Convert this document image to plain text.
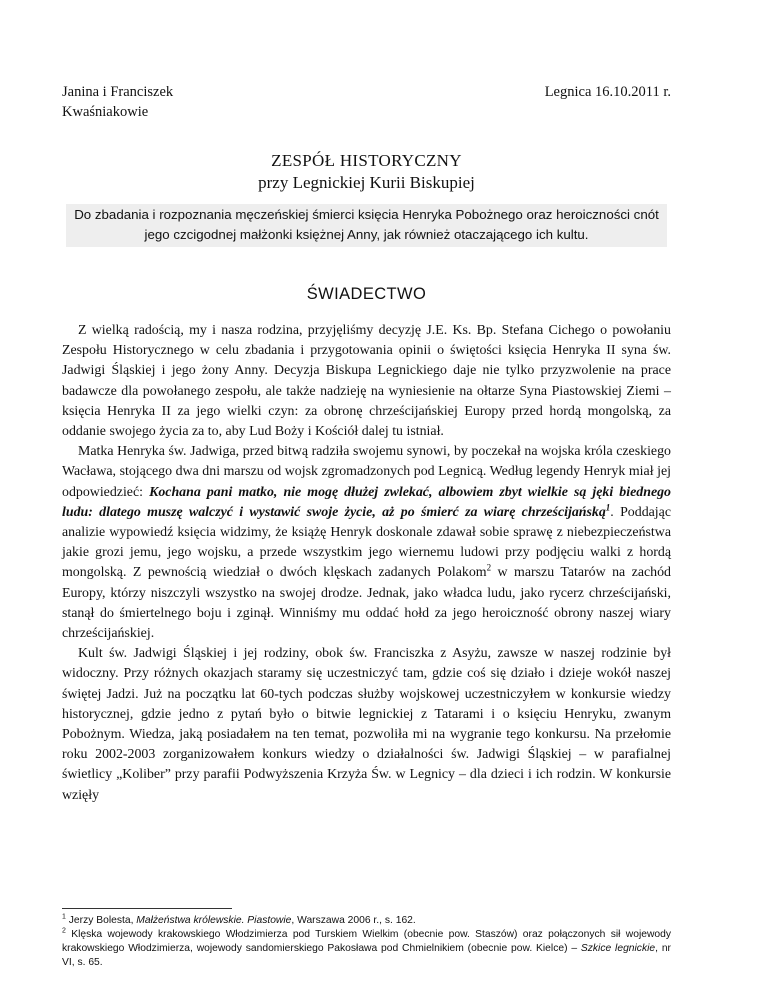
Janina i Franciszek
Kwaśniakowie
Legnica 16.10.2011 r.
ZESPÓŁ HISTORYCZNY
przy Legnickiej Kurii Biskupiej
Do zbadania i rozpoznania męczeńskiej śmierci księcia Henryka Pobożnego oraz heroiczności cnót jego czcigodnej małżonki księżnej Anny, jak również otaczającego ich kultu.
ŚWIADECTWO

Z wielką radością, my i nasza rodzina, przyjęliśmy decyzję J.E. Ks. Bp. Stefana Cichego o powołaniu Zespołu Historycznego w celu zbadania i przygotowania opinii o świętości księcia Henryka II syna św. Jadwigi Śląskiej i jego żony Anny. Decyzja Biskupa Legnickiego daje nie tylko przyzwolenie na prace badawcze dla powołanego zespołu, ale także nadzieję na wyniesienie na ołtarze Syna Piastowskiej Ziemi – księcia Henryka II za jego wielki czyn: za obronę chrześcijańskiej Europy przed hordą mongolską, za oddanie swojego życia za to, aby Lud Boży i Kościół dalej tu istniał.

Matka Henryka św. Jadwiga, przed bitwą radziła swojemu synowi, by poczekał na wojska króla czeskiego Wacława, stojącego dwa dni marszu od wojsk zgromadzonych pod Legnicą. Według legendy Henryk miał jej odpowiedzieć: Kochana pani matko, nie mogę dłużej zwlekać, albowiem zbyt wielkie są jęki biednego ludu: dlatego muszę walczyć i wystawić swoje życie, aż po śmierć za wiarę chrześcijańską$^1$. Poddając analizie wypowiedź księcia widzimy, że książę Henryk doskonale zdawał sobie sprawę z niebezpieczeństwa jakie grozi jemu, jego wojsku, a przede wszystkim jego wiernemu ludowi przy podjęciu walki z hordą mongolską. Z pewnością wiedział o dwóch klęskach zadanych Polakom$^2$ w marszu Tatarów na zachód Europy, którzy niszczyli wszystko na swojej drodze. Jednak, jako władca ludu, jako rycerz chrześcijański, stanął do śmiertelnego boju i zginął. Winniśmy mu oddać hołd za jego heroiczność obrony naszej wiary chrześcijańskiej.

Kult św. Jadwigi Śląskiej i jej rodziny, obok św. Franciszka z Asyżu, zawsze w naszej rodzinie był widoczny. Przy różnych okazjach staramy się uczestniczyć tam, gdzie coś się działo i dzieje wokół naszej świętej Jadzi. Już na początku lat 60-tych podczas służby wojskowej uczestniczyłem w konkursie wiedzy historycznej, gdzie jedno z pytań było o bitwie legnickiej z Tatarami i o księciu Henryku, zwanym Pobożnym. Wiedza, jaką posiadałem na ten temat, pozwoliła mi na wygranie tego konkursu. Na przełomie roku 2002-2003 zorganizowałem konkurs wiedzy o działalności św. Jadwigi Śląskiej – w parafialnej świetlicy „Koliber” przy parafii Podwyższenia Krzyża Św. w Legnicy – dla dzieci i ich rodzin. W konkursie wzięły

$^1$ Jerzy Bolesta, Małżeństwa królewskie. Piastowie, Warszawa 2006 r., s. 162.

$^2$ Klęska wojewody krakowskiego Włodzimierza pod Turskiem Wielkim (obecnie pow. Staszów) oraz połączonych sił wojewody krakowskiego Włodzimierza, wojewody sandomierskiego Pakosława pod Chmielnikiem (obecnie pow. Kielce) – Szkice legnickie, nr VI, s. 65.
